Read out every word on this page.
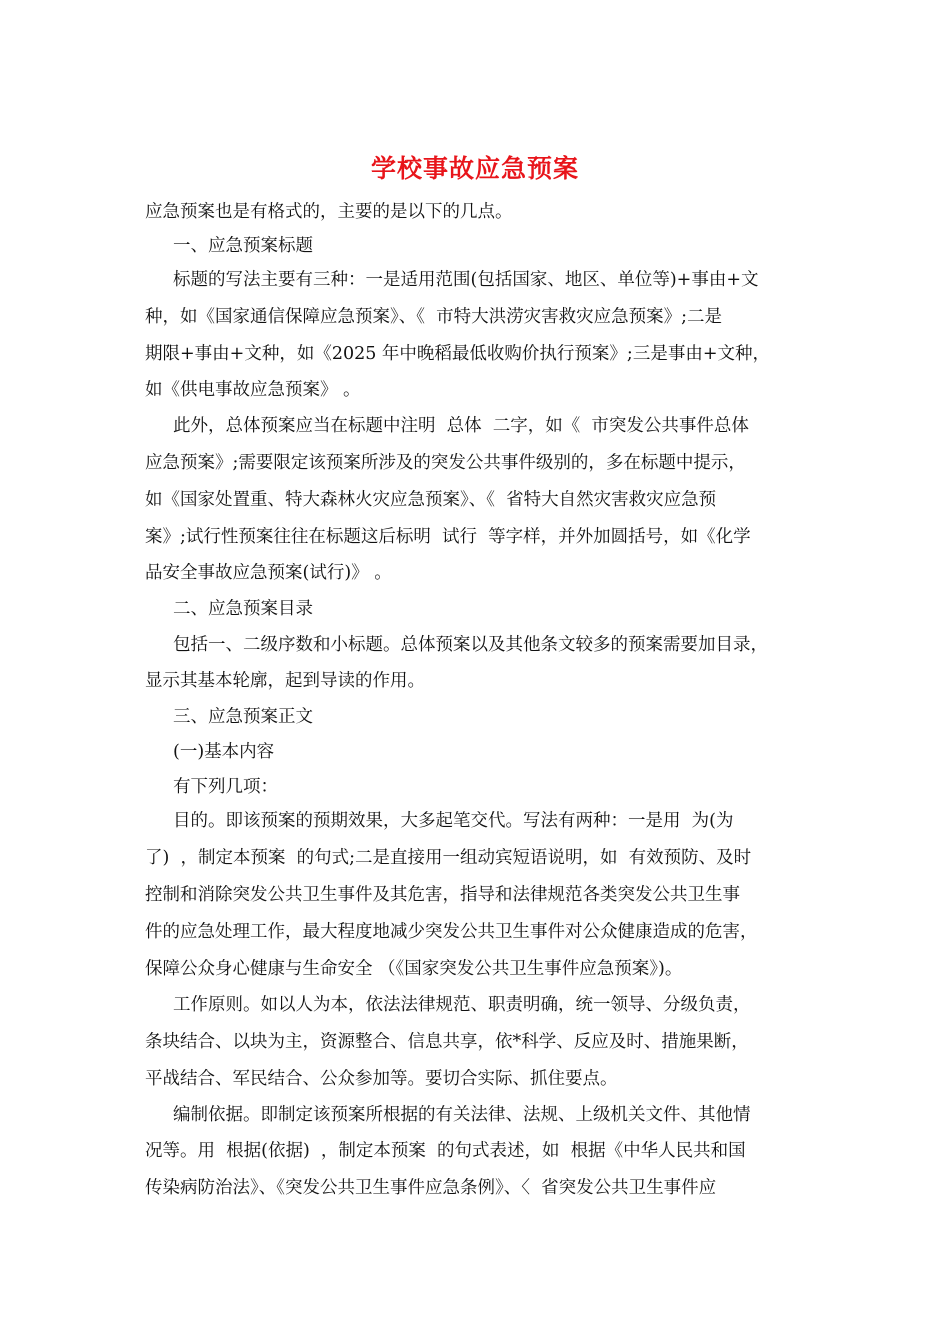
学校事故应急预案
应急预案也是有格式的，主要的是以下的几点。
一、应急预案标题
标题的写法主要有三种：一是适用范围(包括国家、地区、单位等)+事由+文
种，如《国家通信保障应急预案》、《  市特大洪涝灾害救灾应急预案》;二是
期限+事由+文种，如《2025 年中晚稻最低收购价执行预案》;三是事由+文种，
如《供电事故应急预案》 。
此外，总体预案应当在标题中注明  总体  二字，如《  市突发公共事件总体
应急预案》;需要限定该预案所涉及的突发公共事件级别的，多在标题中提示，
如《国家处置重、特大森林火灾应急预案》、《  省特大自然灾害救灾应急预
案》;试行性预案往往在标题这后标明  试行  等字样，并外加圆括号，如《化学
品安全事故应急预案(试行)》 。
二、应急预案目录
包括一、二级序数和小标题。总体预案以及其他条文较多的预案需要加目录，
显示其基本轮廓，起到导读的作用。
三、应急预案正文
(一)基本内容
有下列几项：
目的。即该预案的预期效果，大多起笔交代。写法有两种：一是用  为(为
了)  ，制定本预案  的句式;二是直接用一组动宾短语说明，如  有效预防、及时
控制和消除突发公共卫生事件及其危害，指导和法律规范各类突发公共卫生事
件的应急处理工作，最大程度地减少突发公共卫生事件对公众健康造成的危害，
保障公众身心健康与生命安全 （《国家突发公共卫生事件应急预案》)。
工作原则。如以人为本，依法法律规范、职责明确，统一领导、分级负责，
条块结合、以块为主，资源整合、信息共享，依*科学、反应及时、措施果断，
平战结合、军民结合、公众参加等。要切合实际、抓住要点。
编制依据。即制定该预案所根据的有关法律、法规、上级机关文件、其他情
况等。用  根据(依据)  ，制定本预案  的句式表述，如  根据《中华人民共和国
传染病防治法》、《突发公共卫生事件应急条例》、〈  省突发公共卫生事件应
